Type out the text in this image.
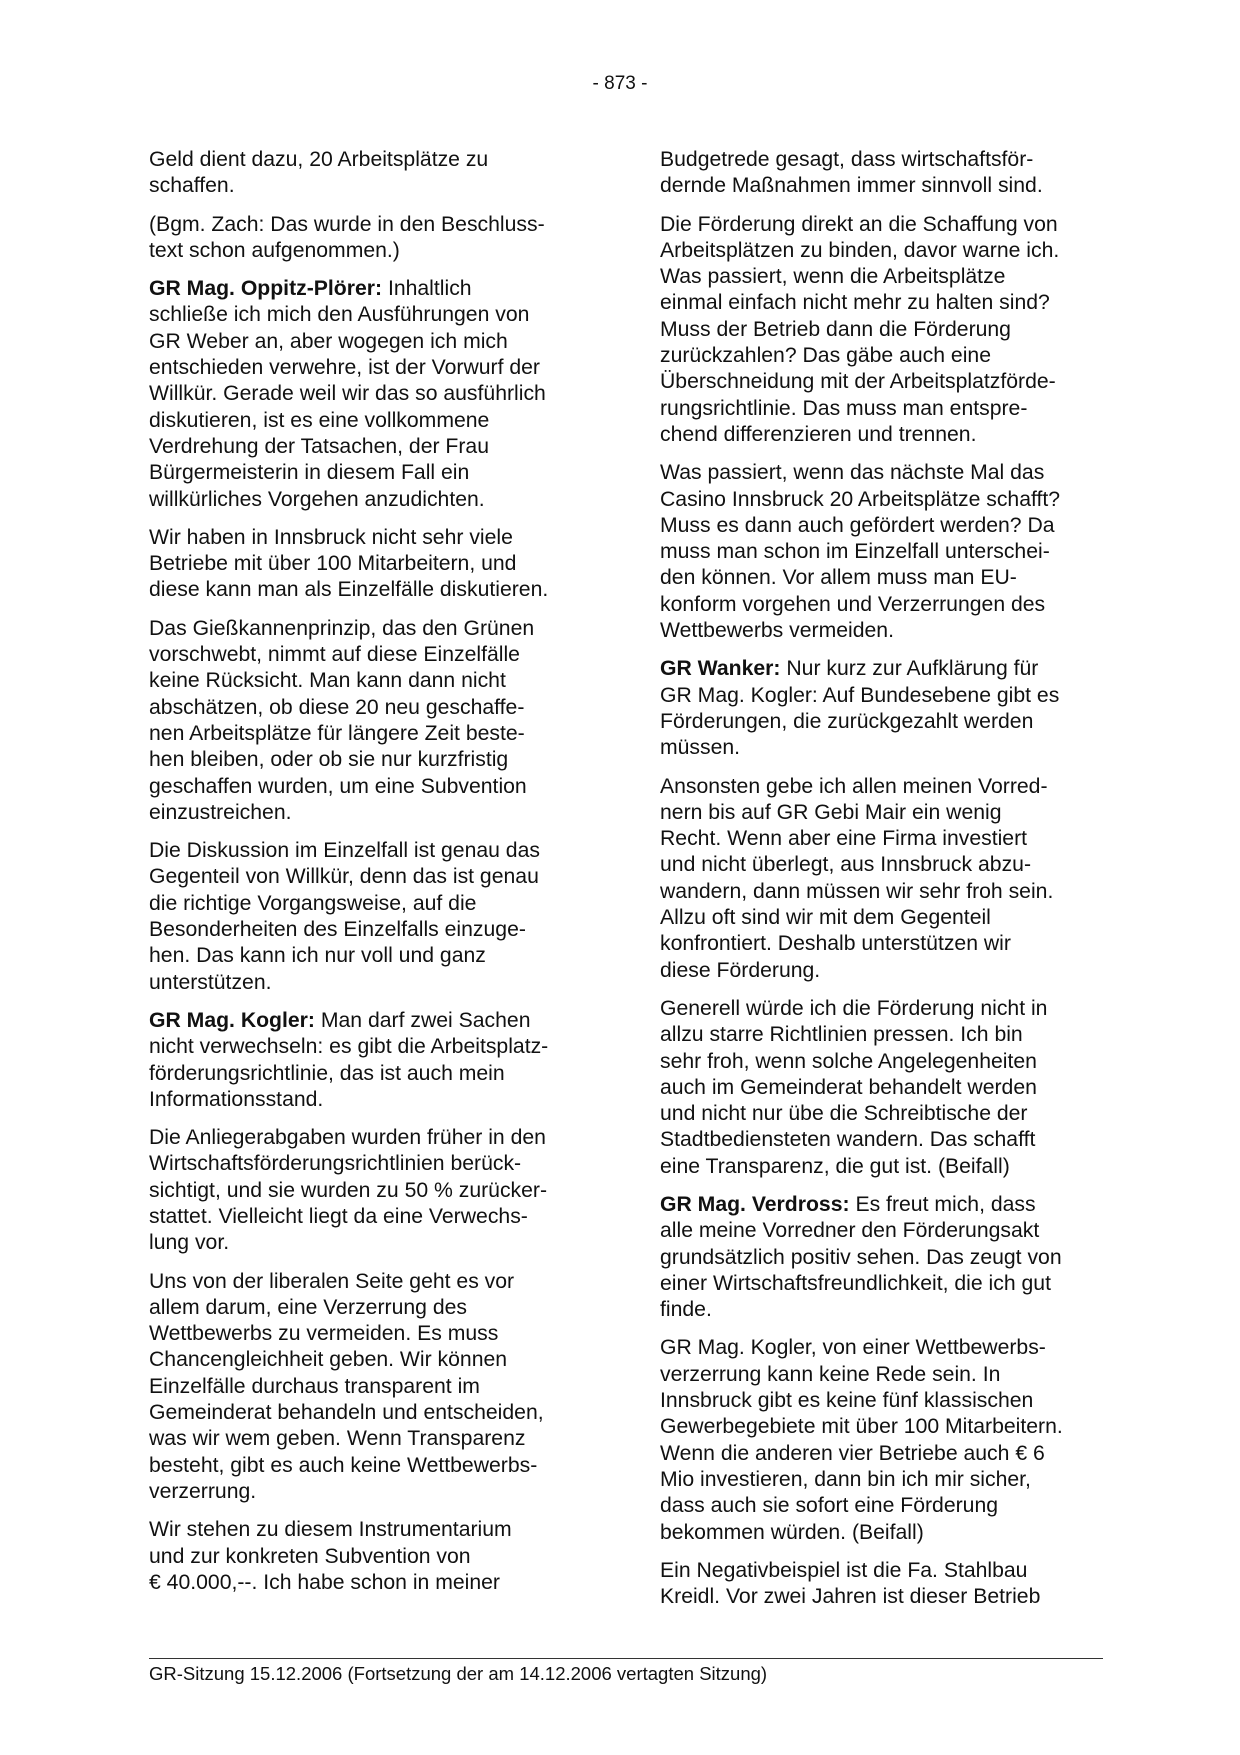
- 873 -

Geld dient dazu, 20 Arbeitsplätze zu
schaffen.

(Bgm. Zach: Das wurde in den Beschluss-
text schon aufgenommen.)

GR Mag. Oppitz-Plörer: Inhaltlich
schließe ich mich den Ausführungen von
GR Weber an, aber wogegen ich mich
entschieden verwehre, ist der Vorwurf der
Willkür. Gerade weil wir das so ausführlich
diskutieren, ist es eine vollkommene
Verdrehung der Tatsachen, der Frau
Bürgermeisterin in diesem Fall ein
willkürliches Vorgehen anzudichten.

Wir haben in Innsbruck nicht sehr viele
Betriebe mit über 100 Mitarbeitern, und
diese kann man als Einzelfälle diskutieren.

Das Gießkannenprinzip, das den Grünen
vorschwebt, nimmt auf diese Einzelfälle
keine Rücksicht. Man kann dann nicht
abschätzen, ob diese 20 neu geschaffe-
nen Arbeitsplätze für längere Zeit beste-
hen bleiben, oder ob sie nur kurzfristig
geschaffen wurden, um eine Subvention
einzustreichen.

Die Diskussion im Einzelfall ist genau das
Gegenteil von Willkür, denn das ist genau
die richtige Vorgangsweise, auf die
Besonderheiten des Einzelfalls einzuge-
hen. Das kann ich nur voll und ganz
unterstützen.

GR Mag. Kogler: Man darf zwei Sachen
nicht verwechseln: es gibt die Arbeitsplatz-
förderungsrichtlinie, das ist auch mein
Informationsstand.

Die Anliegerabgaben wurden früher in den
Wirtschaftsförderungsrichtlinien berück-
sichtigt, und sie wurden zu 50 % zurücker-
stattet. Vielleicht liegt da eine Verwechs-
lung vor.

Uns von der liberalen Seite geht es vor
allem darum, eine Verzerrung des
Wettbewerbs zu vermeiden. Es muss
Chancengleichheit geben. Wir können
Einzelfälle durchaus transparent im
Gemeinderat behandeln und entscheiden,
was wir wem geben. Wenn Transparenz
besteht, gibt es auch keine Wettbewerbs-
verzerrung.

Wir stehen zu diesem Instrumentarium
und zur konkreten Subvention von
€ 40.000,--. Ich habe schon in meiner

Budgetrede gesagt, dass wirtschaftsför-
dernde Maßnahmen immer sinnvoll sind.

Die Förderung direkt an die Schaffung von
Arbeitsplätzen zu binden, davor warne ich.
Was passiert, wenn die Arbeitsplätze
einmal einfach nicht mehr zu halten sind?
Muss der Betrieb dann die Förderung
zurückzahlen? Das gäbe auch eine
Überschneidung mit der Arbeitsplatzförde-
rungsrichtlinie. Das muss man entspre-
chend differenzieren und trennen.

Was passiert, wenn das nächste Mal das
Casino Innsbruck 20 Arbeitsplätze schafft?
Muss es dann auch gefördert werden? Da
muss man schon im Einzelfall unterschei-
den können. Vor allem muss man EU-
konform vorgehen und Verzerrungen des
Wettbewerbs vermeiden.

GR Wanker: Nur kurz zur Aufklärung für
GR Mag. Kogler: Auf Bundesebene gibt es
Förderungen, die zurückgezahlt werden
müssen.

Ansonsten gebe ich allen meinen Vorred-
nern bis auf GR Gebi Mair ein wenig
Recht. Wenn aber eine Firma investiert
und nicht überlegt, aus Innsbruck abzu-
wandern, dann müssen wir sehr froh sein.
Allzu oft sind wir mit dem Gegenteil
konfrontiert. Deshalb unterstützen wir
diese Förderung.

Generell würde ich die Förderung nicht in
allzu starre Richtlinien pressen. Ich bin
sehr froh, wenn solche Angelegenheiten
auch im Gemeinderat behandelt werden
und nicht nur übe die Schreibtische der
Stadtbediensteten wandern. Das schafft
eine Transparenz, die gut ist. (Beifall)

GR Mag. Verdross: Es freut mich, dass
alle meine Vorredner den Förderungsakt
grundsätzlich positiv sehen. Das zeugt von
einer Wirtschaftsfreundlichkeit, die ich gut
finde.

GR Mag. Kogler, von einer Wettbewerbs-
verzerrung kann keine Rede sein. In
Innsbruck gibt es keine fünf klassischen
Gewerbegebiete mit über 100 Mitarbeitern.
Wenn die anderen vier Betriebe auch € 6
Mio investieren, dann bin ich mir sicher,
dass auch sie sofort eine Förderung
bekommen würden. (Beifall)

Ein Negativbeispiel ist die Fa. Stahlbau
Kreidl. Vor zwei Jahren ist dieser Betrieb

GR-Sitzung 15.12.2006 (Fortsetzung der am 14.12.2006 vertagten Sitzung)
